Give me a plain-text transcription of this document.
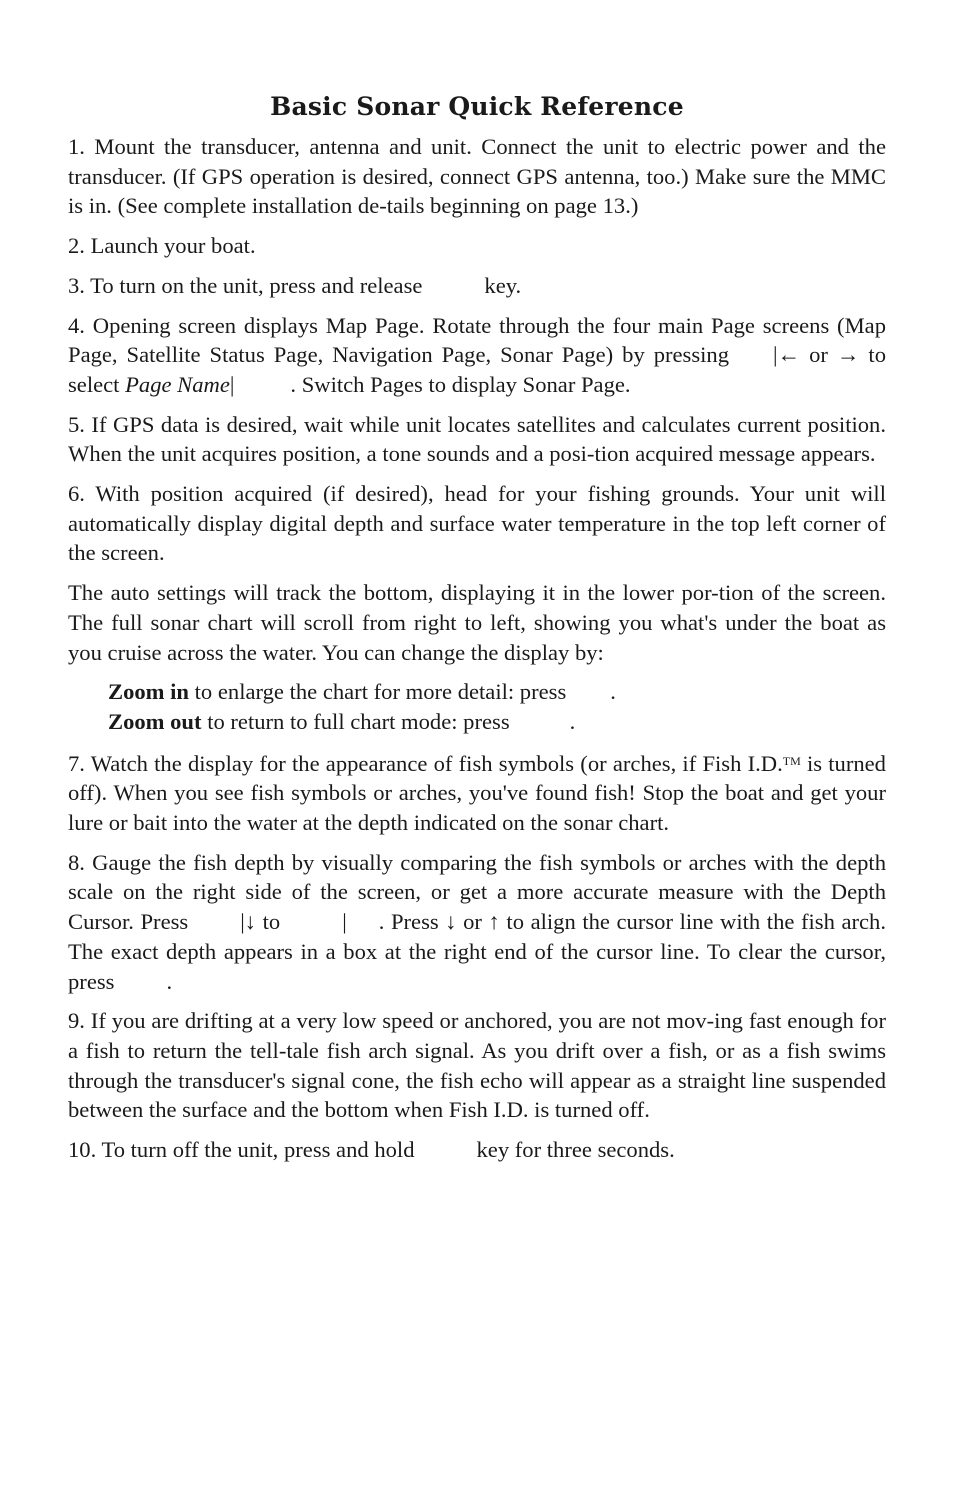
Basic Sonar Quick Reference

1. Mount the transducer, antenna and unit. Connect the unit to electric power and the transducer. (If GPS operation is desired, connect GPS antenna, too.) Make sure the MMC is in. (See complete installation de-tails beginning on page 13.)

2. Launch your boat.

3. To turn on the unit, press and release	key.

4. Opening screen displays Map Page. Rotate through the four main Page screens (Map Page, Satellite Status Page, Navigation Page, Sonar Page) by pressing |← or → to select Page Name| . Switch Pages to display Sonar Page.

5. If GPS data is desired, wait while unit locates satellites and calculates current position. When the unit acquires position, a tone sounds and a posi-tion acquired message appears.

6. With position acquired (if desired), head for your fishing grounds. Your unit will automatically display digital depth and surface water temperature in the top left corner of the screen.

The auto settings will track the bottom, displaying it in the lower por-tion of the screen. The full sonar chart will scroll from right to left, showing you what's under the boat as you cruise across the water. You can change the display by:

Zoom in to enlarge the chart for more detail: press .
Zoom out to return to full chart mode: press	.

7. Watch the display for the appearance of fish symbols (or arches, if Fish I.D.™ is turned off). When you see fish symbols or arches, you've found fish! Stop the boat and get your lure or bait into the water at the depth indicated on the sonar chart.

8. Gauge the fish depth by visually comparing the fish symbols or arches with the depth scale on the right side of the screen, or get a more accurate measure with the Depth Cursor. Press |↓ to	| . Press ↓ or ↑ to align the cursor line with the fish arch. The exact depth appears in a box at the right end of the cursor line. To clear the cursor, press .

9. If you are drifting at a very low speed or anchored, you are not mov-ing fast enough for a fish to return the tell-tale fish arch signal. As you drift over a fish, or as a fish swims through the transducer's signal cone, the fish echo will appear as a straight line suspended between the surface and the bottom when Fish I.D. is turned off.

10. To turn off the unit, press and hold	key for three seconds.
